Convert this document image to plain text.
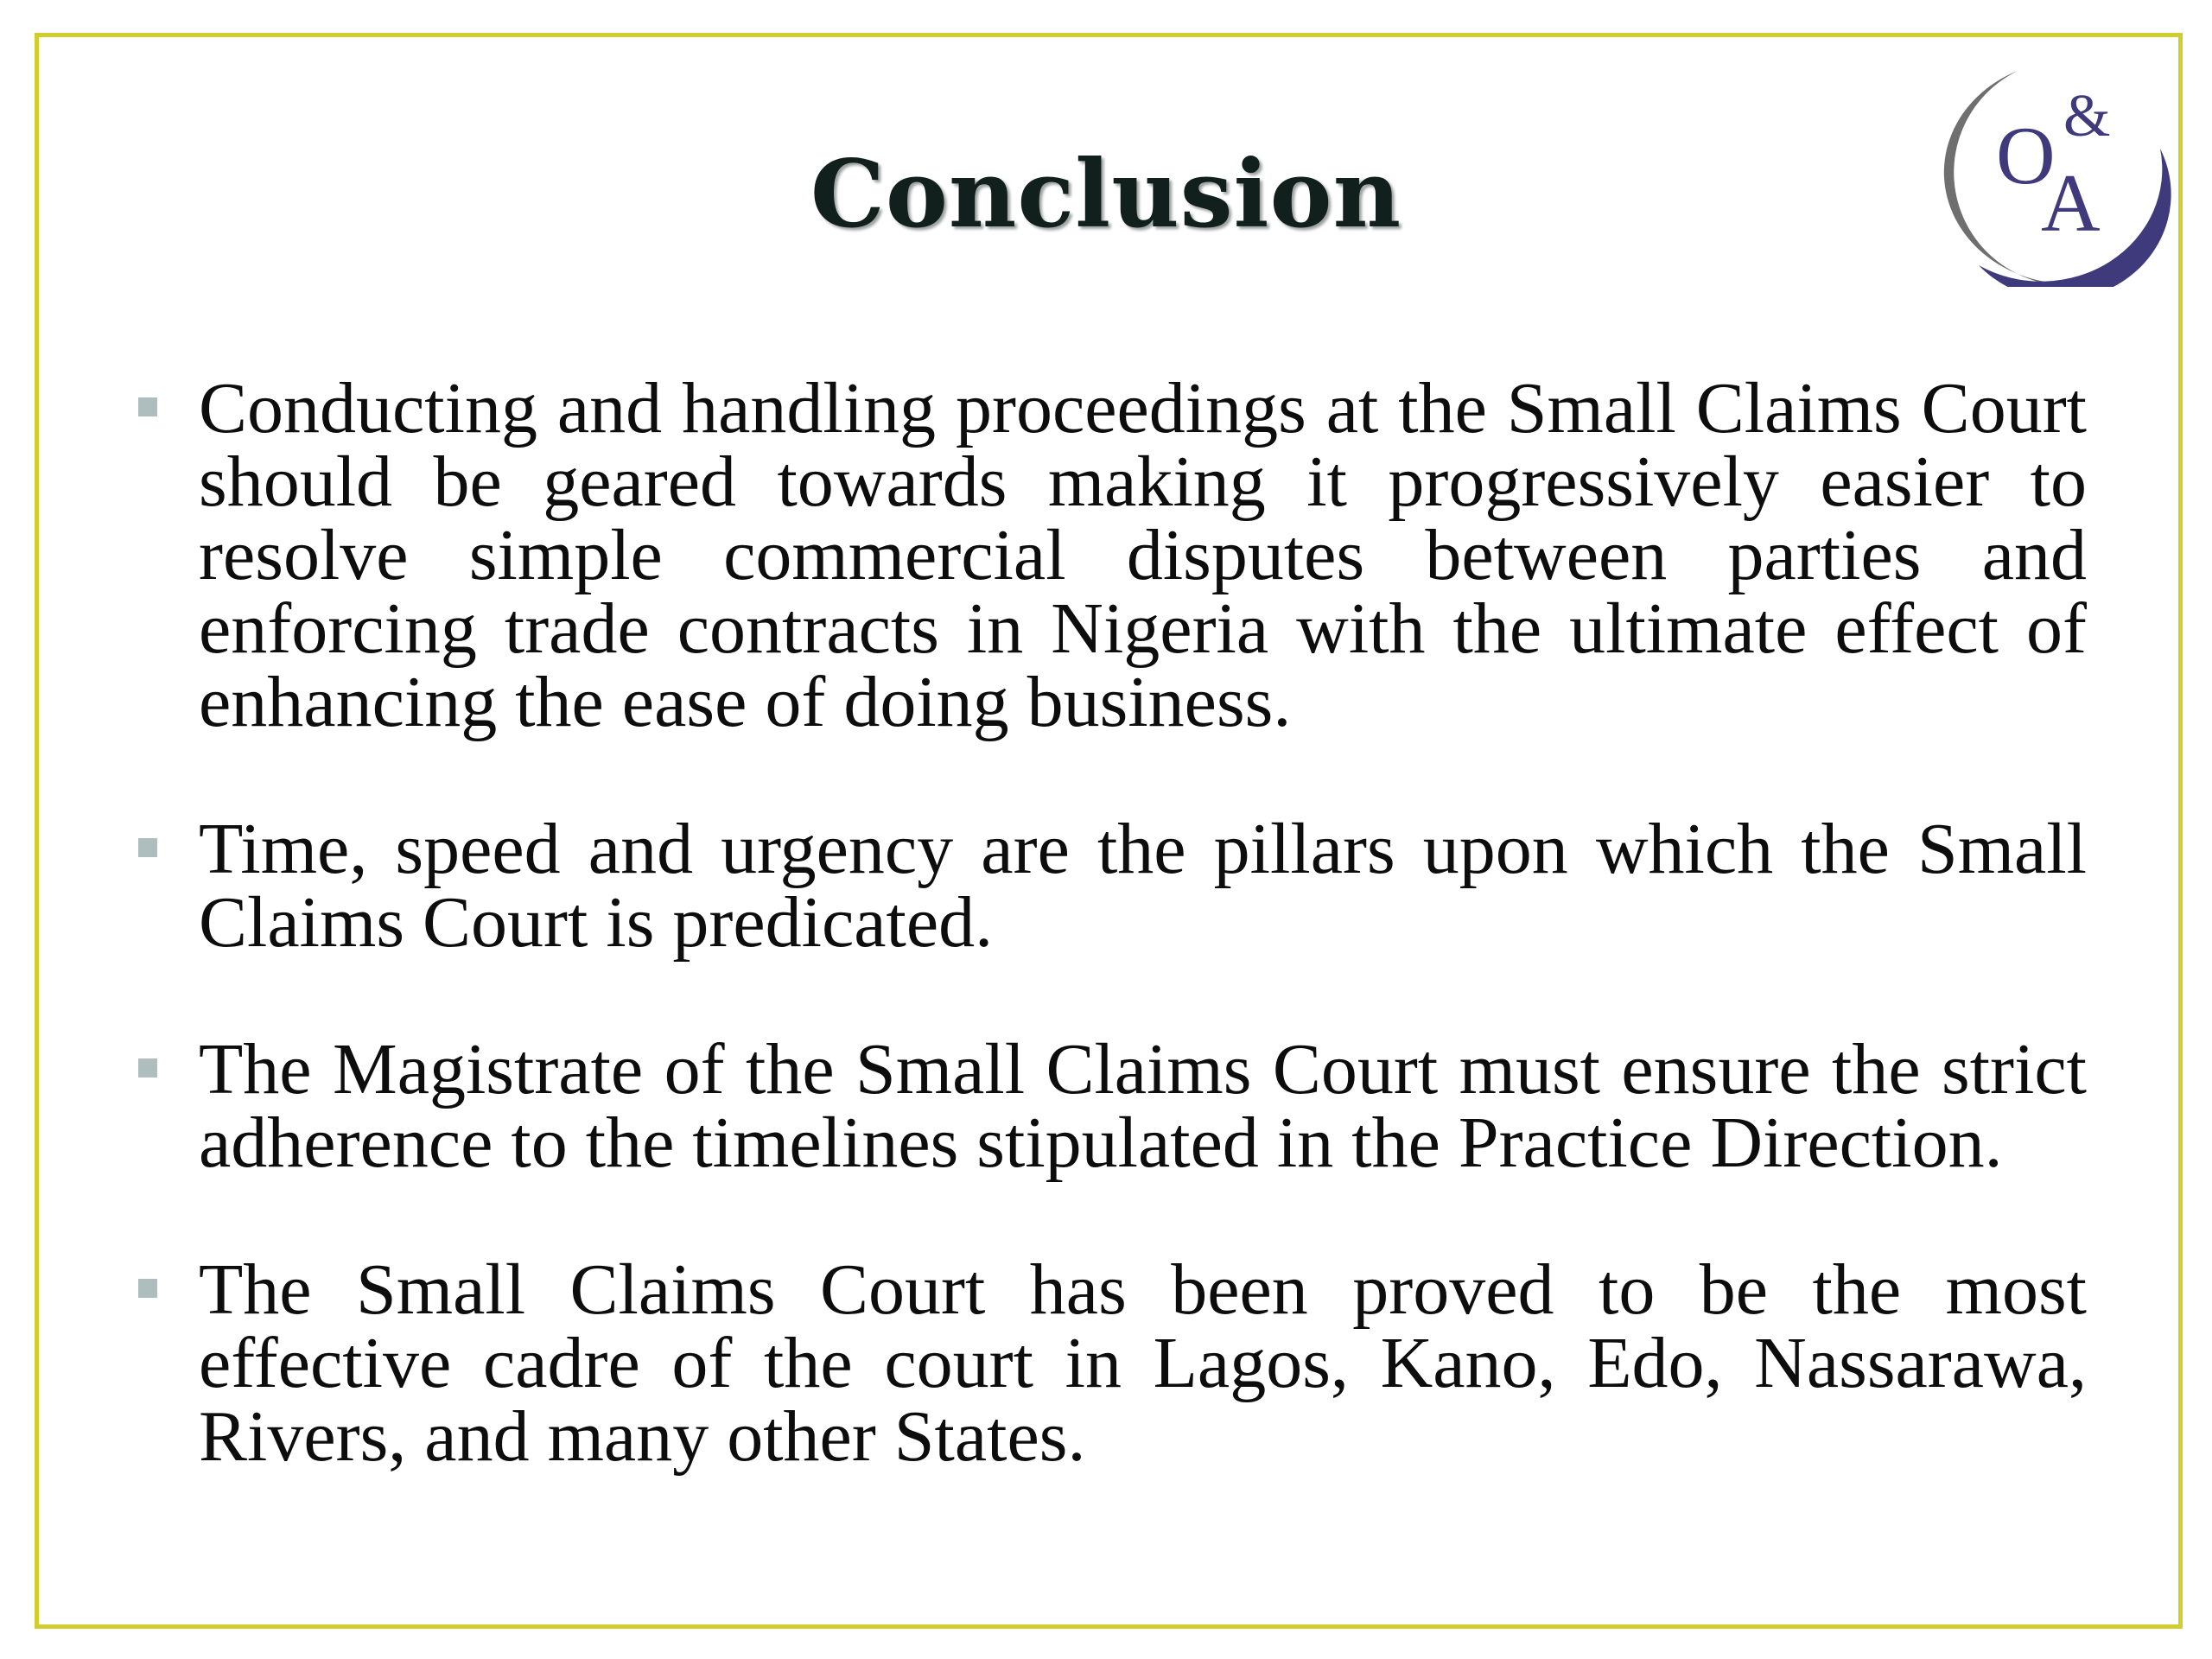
Conclusion	O &
A
Conducting and handling proceedings at the Small Claims Court should be geared towards making it progressively easier to resolve simple commercial disputes between parties and enforcing trade contracts in Nigeria with the ultimate effect of enhancing the ease of doing business.
Time, speed and urgency are the pillars upon which the Small Claims Court is predicated.
The Magistrate of the Small Claims Court must ensure the strict adherence to the timelines stipulated in the Practice Direction.
The Small Claims Court has been proved to be the most effective cadre of the court in Lagos, Kano, Edo, Nassarawa, Rivers, and many other States.
